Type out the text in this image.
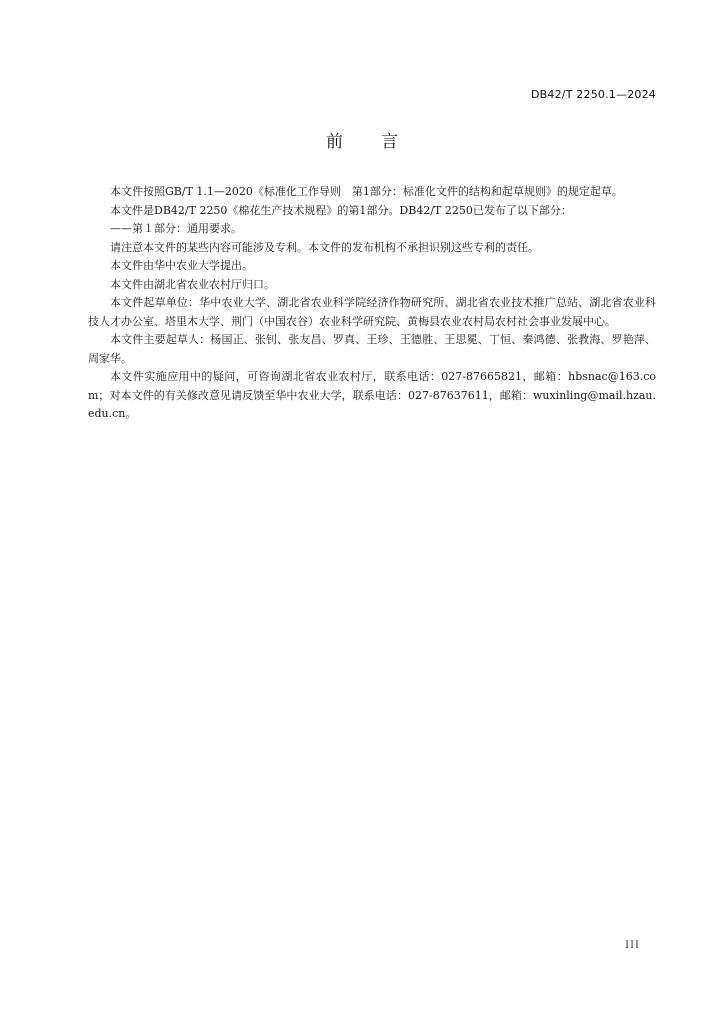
DB42/T 2250.1—2024
前言

本文件按照GB/T 1.1—2020《标准化工作导则　第1部分：标准化文件的结构和起草规则》的规定起草。

本文件是DB42/T 2250《棉花生产技术规程》的第1部分。DB42/T 2250已发布了以下部分：

——第１部分：通用要求。

请注意本文件的某些内容可能涉及专利。本文件的发布机构不承担识别这些专利的责任。

本文件由华中农业大学提出。

本文件由湖北省农业农村厅归口。

本文件起草单位：华中农业大学、湖北省农业科学院经济作物研究所、湖北省农业技术推广总站、湖北省农业科技人才办公室、塔里木大学、荆门（中国农谷）农业科学研究院、黄梅县农业农村局农村社会事业发展中心。

本文件主要起草人：杨国正、张钊、张友昌、罗真、王珍、王德胜、王思冕、丁恒、秦鸿德、张教海、罗艳萍、周家华。

本文件实施应用中的疑问，可咨询湖北省农业农村厅，联系电话：027-87665821，邮箱：hbsnac@163.com；对本文件的有关修改意见请反馈至华中农业大学，联系电话：027-87637611，邮箱：wuxinling@mail.hzau.edu.cn。

III
